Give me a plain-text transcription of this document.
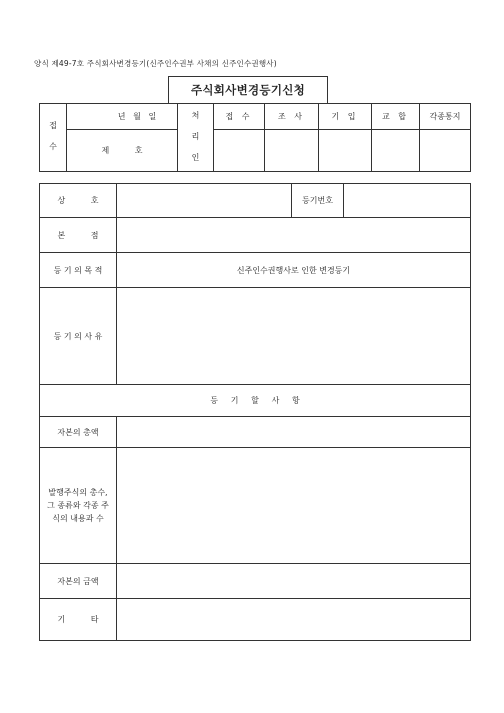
양식 제49-7호 주식회사변경등기(신주인수권부 사채의 신주인수권행사)
주식회사변경등기신청
접 수	년   월   일	처 리 인	접 수	조 사	기 입	교 합	각종통지
	제          호						
상          호		등기번호	
본          점			
등 기 의 목 적	신주인수권행사로 인한 변경등기		
등 기 의 사 유			
등     기     할     사     항			
자본의 총액			
발행주식의 총수, 그 종류와 각종 주식의 내용과 수			
자본의 금액			
기          타			
